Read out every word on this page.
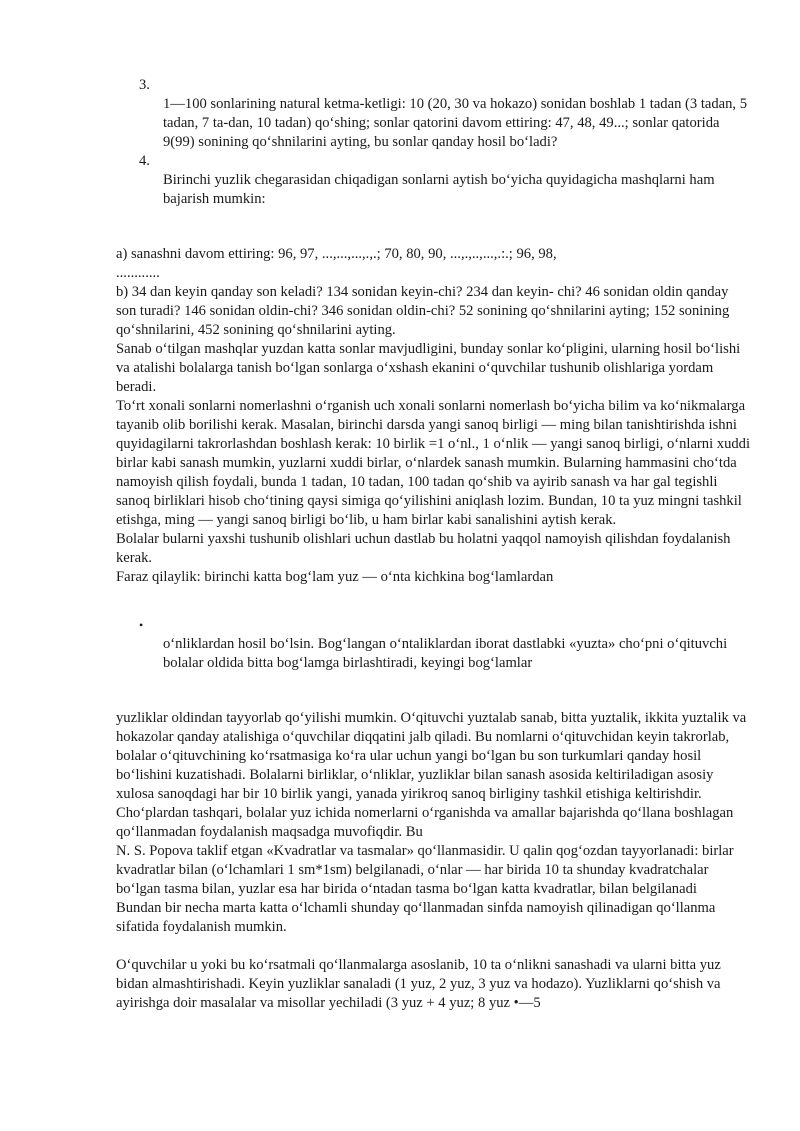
3.

1—100 sonlarining natural ketma-ketligi: 10 (20, 30 va hokazo) sonidan boshlab 1 tadan (3 tadan, 5 tadan, 7 ta-dan, 10 tadan) qo‘shing; sonlar qatorini davom ettiring: 47, 48, 49...; sonlar qatorida 9(99) sonining qo‘shnilarini ayting, bu sonlar qanday hosil bo‘ladi?

4.

Birinchi yuzlik chegarasidan chiqadigan sonlarni aytish bo‘yicha quyidagicha mashqlarni ham bajarish mumkin:

a) sanashni davom ettiring: 96, 97, ...,...,...,.,.; 70, 80, 90, ...,.,..,...,.:.; 96, 98,

............

b) 34 dan keyin qanday son keladi? 134 sonidan keyin-chi? 234 dan keyin- chi? 46 sonidan oldin qanday son turadi? 146 sonidan oldin-chi? 346 sonidan oldin-chi? 52 sonining qo‘shnilarini ayting; 152 sonining qo‘shnilarini, 452 sonining qo‘shnilarini ayting.

Sanab o‘tilgan mashqlar yuzdan katta sonlar mavjudligini, bunday sonlar ko‘pligini, ularning hosil bo‘lishi va atalishi bolalarga tanish bo‘lgan sonlarga o‘xshash ekanini o‘quvchilar tushunib olishlariga yordam beradi.

To‘rt xonali sonlarni nomerlashni o‘rganish uch xonali sonlarni nomerlash bo‘yicha bilim va ko‘nikmalarga tayanib olib borilishi kerak. Masalan, birinchi darsda yangi sanoq birligi — ming bilan tanishtirishda ishni quyidagilarni takrorlashdan boshlash kerak: 10 birlik =1 o‘nl., 1 o‘nlik — yangi sanoq birligi, o‘nlarni xuddi birlar kabi sanash mumkin, yuzlarni xuddi birlar, o‘nlardek sanash mumkin. Bularning hammasini cho‘tda namoyish qilish foydali, bunda 1 tadan, 10 tadan, 100 tadan qo‘shib va ayirib sanash va har gal tegishli sanoq birliklari hisob cho‘tining qaysi simiga qo‘yilishini aniqlash lozim. Bundan, 10 ta yuz mingni tashkil etishga, ming — yangi sanoq birligi bo‘lib, u ham birlar kabi sanalishini aytish kerak.

Bolalar bularni yaxshi tushunib olishlari uchun dastlab bu holatni yaqqol namoyish qilishdan foydalanish kerak.

Faraz qilaylik: birinchi katta bog‘lam yuz — o‘nta kichkina bog‘lamlardan

•

o‘nliklardan hosil bo‘lsin. Bog‘langan o‘ntaliklardan iborat dastlabki «yuzta» cho‘pni o‘qituvchi bolalar oldida bitta bog‘lamga birlashtiradi, keyingi bog‘lamlar

yuzliklar oldindan tayyorlab qo‘yilishi mumkin. O‘qituvchi yuztalab sanab, bitta yuztalik, ikkita yuztalik va hokazolar qanday atalishiga o‘quvchilar diqqatini jalb qiladi. Bu nomlarni o‘qituvchidan keyin takrorlab, bolalar o‘qituvchining ko‘rsatmasiga ko‘ra ular uchun yangi bo‘lgan bu son turkumlari qanday hosil bo‘lishini kuzatishadi. Bolalarni birliklar, o‘nliklar, yuzliklar bilan sanash asosida keltiriladigan asosiy xulosa sanoqdagi har bir 10 birlik yangi, yanada yirikroq sanoq birliginy tashkil etishiga keltirishdir.

Cho‘plardan tashqari, bolalar yuz ichida nomerlarni o‘rganishda va amallar bajarishda qo‘llana boshlagan qo‘llanmadan foydalanish maqsadga muvofiqdir. Bu

N. S. Popova taklif etgan «Kvadratlar va tasmalar» qo‘llanmasidir. U qalin qog‘ozdan tayyorlanadi: birlar kvadratlar bilan (o‘lchamlari 1 sm*1sm) belgilanadi, o‘nlar — har birida 10 ta shunday kvadratchalar bo‘lgan tasma bilan, yuzlar esa har birida o‘ntadan tasma bo‘lgan katta kvadratlar, bilan belgilanadi

Bundan bir necha marta katta o‘lchamli shunday qo‘llanmadan sinfda namoyish qilinadigan qo‘llanma sifatida foydalanish mumkin.

O‘quvchilar u yoki bu ko‘rsatmali qo‘llanmalarga asoslanib, 10 ta o‘nlikni sanashadi va ularni bitta yuz bidan almashtirishadi. Keyin yuzliklar sanaladi (1 yuz, 2 yuz, 3 yuz va hodazo). Yuzliklarni qo‘shish va ayirishga doir masalalar va misollar yechiladi (3 yuz + 4 yuz; 8 yuz •—5
